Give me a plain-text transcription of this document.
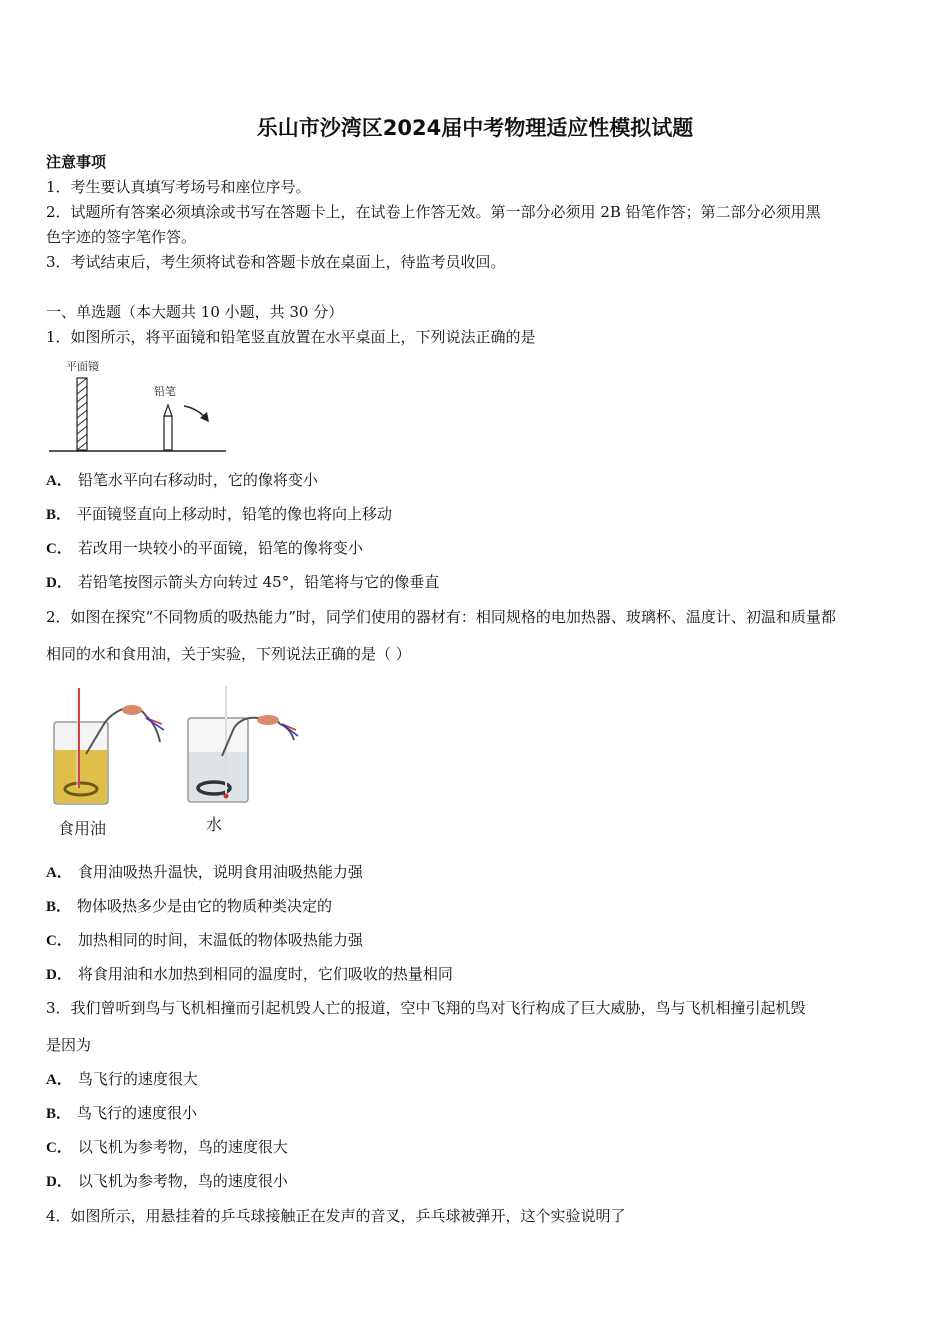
乐山市沙湾区2024届中考物理适应性模拟试题
注意事项
1．考生要认真填写考场号和座位序号。
2．试题所有答案必须填涂或书写在答题卡上，在试卷上作答无效。第一部分必须用 2B 铅笔作答；第二部分必须用黑
色字迹的签字笔作答。
3．考试结束后，考生须将试卷和答题卡放在桌面上，待监考员收回。
一、单选题（本大题共 10 小题，共 30 分）
1．如图所示，将平面镜和铅笔竖直放置在水平桌面上，下列说法正确的是
平面镜
铅笔
A． 铅笔水平向右移动时，它的像将变小
B． 平面镜竖直向上移动时，铅笔的像也将向上移动
C． 若改用一块较小的平面镜，铅笔的像将变小
D． 若铅笔按图示箭头方向转过 45°，铅笔将与它的像垂直
2．如图在探究“不同物质的吸热能力”时，同学们使用的器材有：相同规格的电加热器、玻璃杯、温度计、初温和质量都
相同的水和食用油，关于实验，下列说法正确的是（ ）
食用油	水
A． 食用油吸热升温快，说明食用油吸热能力强
B． 物体吸热多少是由它的物质种类决定的
C． 加热相同的时间，末温低的物体吸热能力强
D． 将食用油和水加热到相同的温度时，它们吸收的热量相同
3．我们曾听到鸟与飞机相撞而引起机毁人亡的报道，空中飞翔的鸟对飞行构成了巨大威胁，鸟与飞机相撞引起机毁
是因为
A． 鸟飞行的速度很大
B． 鸟飞行的速度很小
C． 以飞机为参考物，鸟的速度很大
D． 以飞机为参考物，鸟的速度很小
4．如图所示，用悬挂着的乒乓球接触正在发声的音叉，乒乓球被弹开，这个实验说明了
